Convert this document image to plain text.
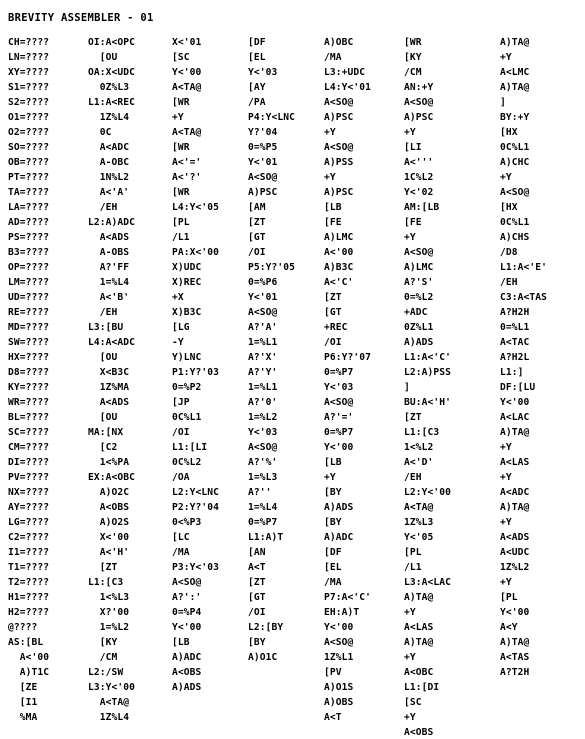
BREVITY ASSEMBLER - 01
CH=????
LN=????
XY=????
S1=????
S2=????
O1=????
O2=????
SO=????
OB=????
PT=????
TA=????
LA=????
AD=????
PS=????
B3=????
OP=????
LM=????
UD=????
RE=????
MD=????
SW=????
HX=????
D8=????
KY=????
WR=????
BL=????
SC=????
CM=????
DI=????
PV=????
NX=????
AY=????
LG=????
C2=????
I1=????
T1=????
T2=????
H1=????
H2=????
@????
AS:[BL
A<'00
A)T1C
[ZE
[I1
%MA
OI:A<OPC
[OU
OA:X<UDC
0Z%L3
L1:A<REC
1Z%L4
0C
A<ADC
A-OBC
1N%L2
A<'A'
/EH
L2:A)ADC
A<ADS
A-OBS
A?'FF
1=%L4
A<'B'
/EH
L3:[BU
L4:A<ADC
[OU
X<B3C
1Z%MA
A<ADS
[OU
MA:[NX
[C2
1<%PA
EX:A<OBC
A)O2C
A<OBS
A)O2S
X<'00
A<'H'
[ZT
L1:[C3
1<%L3
X?'00
1=%L2
[KY
/CM
L2:/SW
L3:Y<'00
A<TA@
1Z%L4
X<'01
[SC
Y<'00
A<TA@
[WR
+Y
A<TA@
[WR
A<'='
A<'?'
[WR
L4:Y<'05
[PL
/L1
PA:X<'00
X)UDC
X)REC
+X
X)B3C
[LG
-Y
Y)LNC
P1:Y?'03
0=%P2
[JP
0C%L1
/OI
L1:[LI
0C%L2
/OA
L2:Y<LNC
P2:Y?'04
0<%P3
[LC
/MA
P3:Y<'03
A<SO@
A?':'
0=%P4
Y<'00
[LB
A)ADC
A<OBS
A)ADS
[DF
[EL
Y<'03
[AY
/PA
P4:Y<LNC
Y?'04
0=%P5
Y<'01
A<SO@
A)PSC
[AM
[ZT
[GT
/OI
P5:Y?'05
0=%P6
Y<'01
A<SO@
A?'A'
1=%L1
A?'X'
A?'Y'
1=%L1
A?'0'
1=%L2
Y<'03
A<SO@
A?'%'
1=%L3
A?''
1=%L4
0=%P7
L1:A)T
[AN
A<T
[ZT
[GT
/OI
L2:[BY
[BY
A)O1C
A)OBC
/MA
L3:+UDC
L4:Y<'01
A<SO@
A)PSC
+Y
A<SO@
A)PSS
+Y
A)PSC
[LB
[FE
A)LMC
A<'00
A)B3C
A<'C'
[ZT
[GT
+REC
/OI
P6:Y?'07
0=%P7
Y<'03
A<SO@
A?'='
0=%P7
Y<'00
[LB
+Y
[BY
A)ADS
[BY
A)ADC
[DF
[EL
/MA
P7:A<'C'
EH:A)T
Y<'00
A<SO@
1Z%L1
[PV
A)O1S
A)OBS
A<T
[WR
[KY
/CM
AN:+Y
A<SO@
A)PSC
+Y
[LI
A<'''
1C%L2
Y<'02
AM:[LB
[FE
+Y
A<SO@
A)LMC
A?'S'
0=%L2
+ADC
0Z%L1
A)ADS
L1:A<'C'
L2:A)PSS
]
BU:A<'H'
[ZT
L1:[C3
1<%L2
A<'D'
/EH
L2:Y<'00
A<TA@
1Z%L3
Y<'05
[PL
/L1
L3:A<LAC
A)TA@
+Y
A<LAS
A)TA@
+Y
A<OBC
L1:[DI
[SC
+Y
A<OBS
A)TA@
+Y
A<LMC
A)TA@
]
BY:+Y
[HX
0C%L1
A)CHC
+Y
A<SO@
[HX
0C%L1
A)CHS
/D8
L1:A<'E'
/EH
C3:A<TAS
A?H2H
0=%L1
A<TAC
A?H2L
L1:]
DF:[LU
Y<'00
A<LAC
A)TA@
+Y
A<LAS
+Y
A<ADC
A)TA@
+Y
A<ADS
A<UDC
1Z%L2
+Y
[PL
Y<'00
A<Y
A)TA@
A<TAS
A?T2H
